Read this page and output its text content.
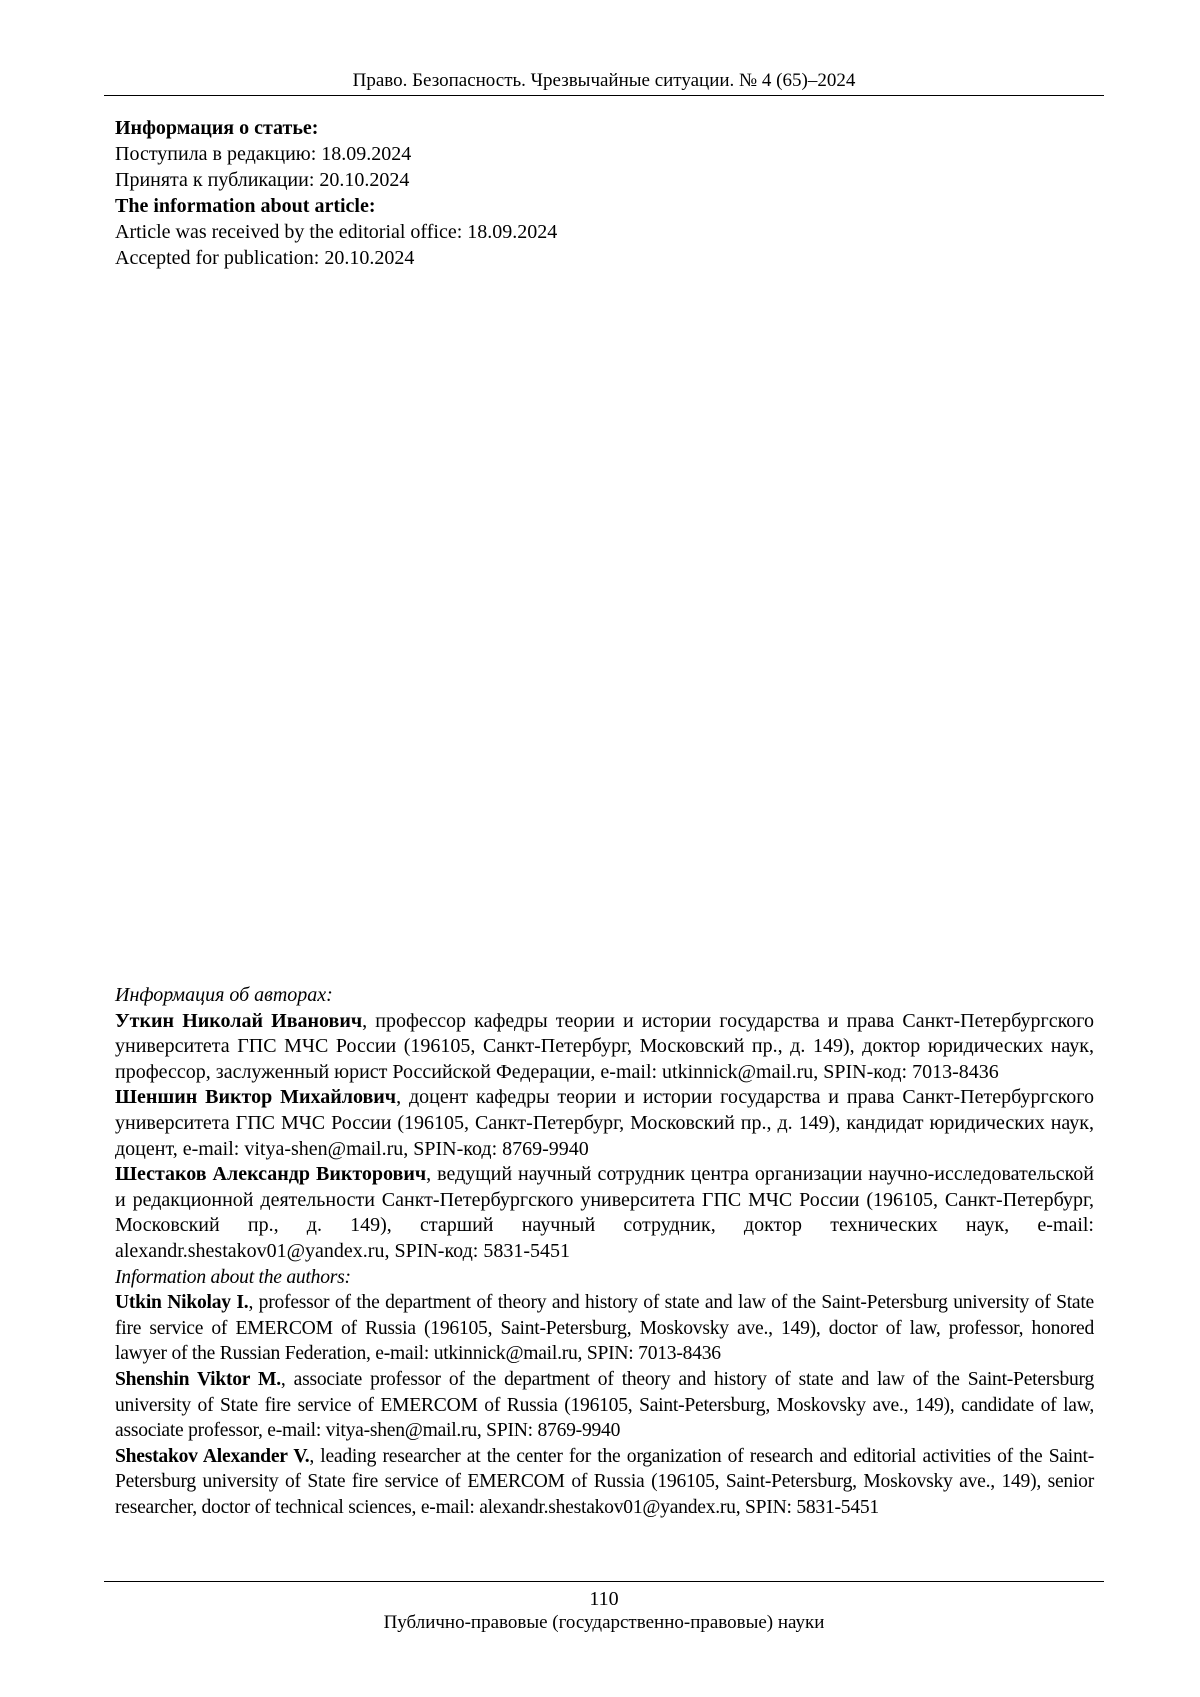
Право. Безопасность. Чрезвычайные ситуации. № 4 (65)–2024
Информация о статье:
Поступила в редакцию: 18.09.2024
Принята к публикации: 20.10.2024
The information about article:
Article was received by the editorial office: 18.09.2024
Accepted for publication: 20.10.2024

Информация об авторах:

Уткин Николай Иванович, профессор кафедры теории и истории государства и права Санкт-Петербургского университета ГПС МЧС России (196105, Санкт-Петербург, Московский пр., д. 149), доктор юридических наук, профессор, заслуженный юрист Российской Федерации, e-mail: utkinnick@mail.ru, SPIN-код: 7013-8436

Шеншин Виктор Михайлович, доцент кафедры теории и истории государства и права Санкт-Петербургского университета ГПС МЧС России (196105, Санкт-Петербург, Московский пр., д. 149), кандидат юридических наук, доцент, e-mail: vitya-shen@mail.ru, SPIN-код: 8769-9940

Шестаков Александр Викторович, ведущий научный сотрудник центра организации научно-исследовательской и редакционной деятельности Санкт-Петербургского университета ГПС МЧС России (196105, Санкт-Петербург, Московский пр., д. 149), старший научный сотрудник, доктор технических наук, e-mail: alexandr.shestakov01@yandex.ru, SPIN-код: 5831-5451

Information about the authors:

Utkin Nikolay I., professor of the department of theory and history of state and law of the Saint-Petersburg university of State fire service of EMERCOM of Russia (196105, Saint-Petersburg, Moskovsky ave., 149), doctor of law, professor, honored lawyer of the Russian Federation, e-mail: utkinnick@mail.ru, SPIN: 7013-8436

Shenshin Viktor M., associate professor of the department of theory and history of state and law of the Saint-Petersburg university of State fire service of EMERCOM of Russia (196105, Saint-Petersburg, Moskovsky ave., 149), candidate of law, associate professor, e-mail: vitya-shen@mail.ru, SPIN: 8769-9940

Shestakov Alexander V., leading researcher at the center for the organization of research and editorial activities of the Saint-Petersburg university of State fire service of EMERCOM of Russia (196105, Saint-Petersburg, Moskovsky ave., 149), senior researcher, doctor of technical sciences, e-mail: alexandr.shestakov01@yandex.ru, SPIN: 5831-5451

110
Публично-правовые (государственно-правовые) науки
